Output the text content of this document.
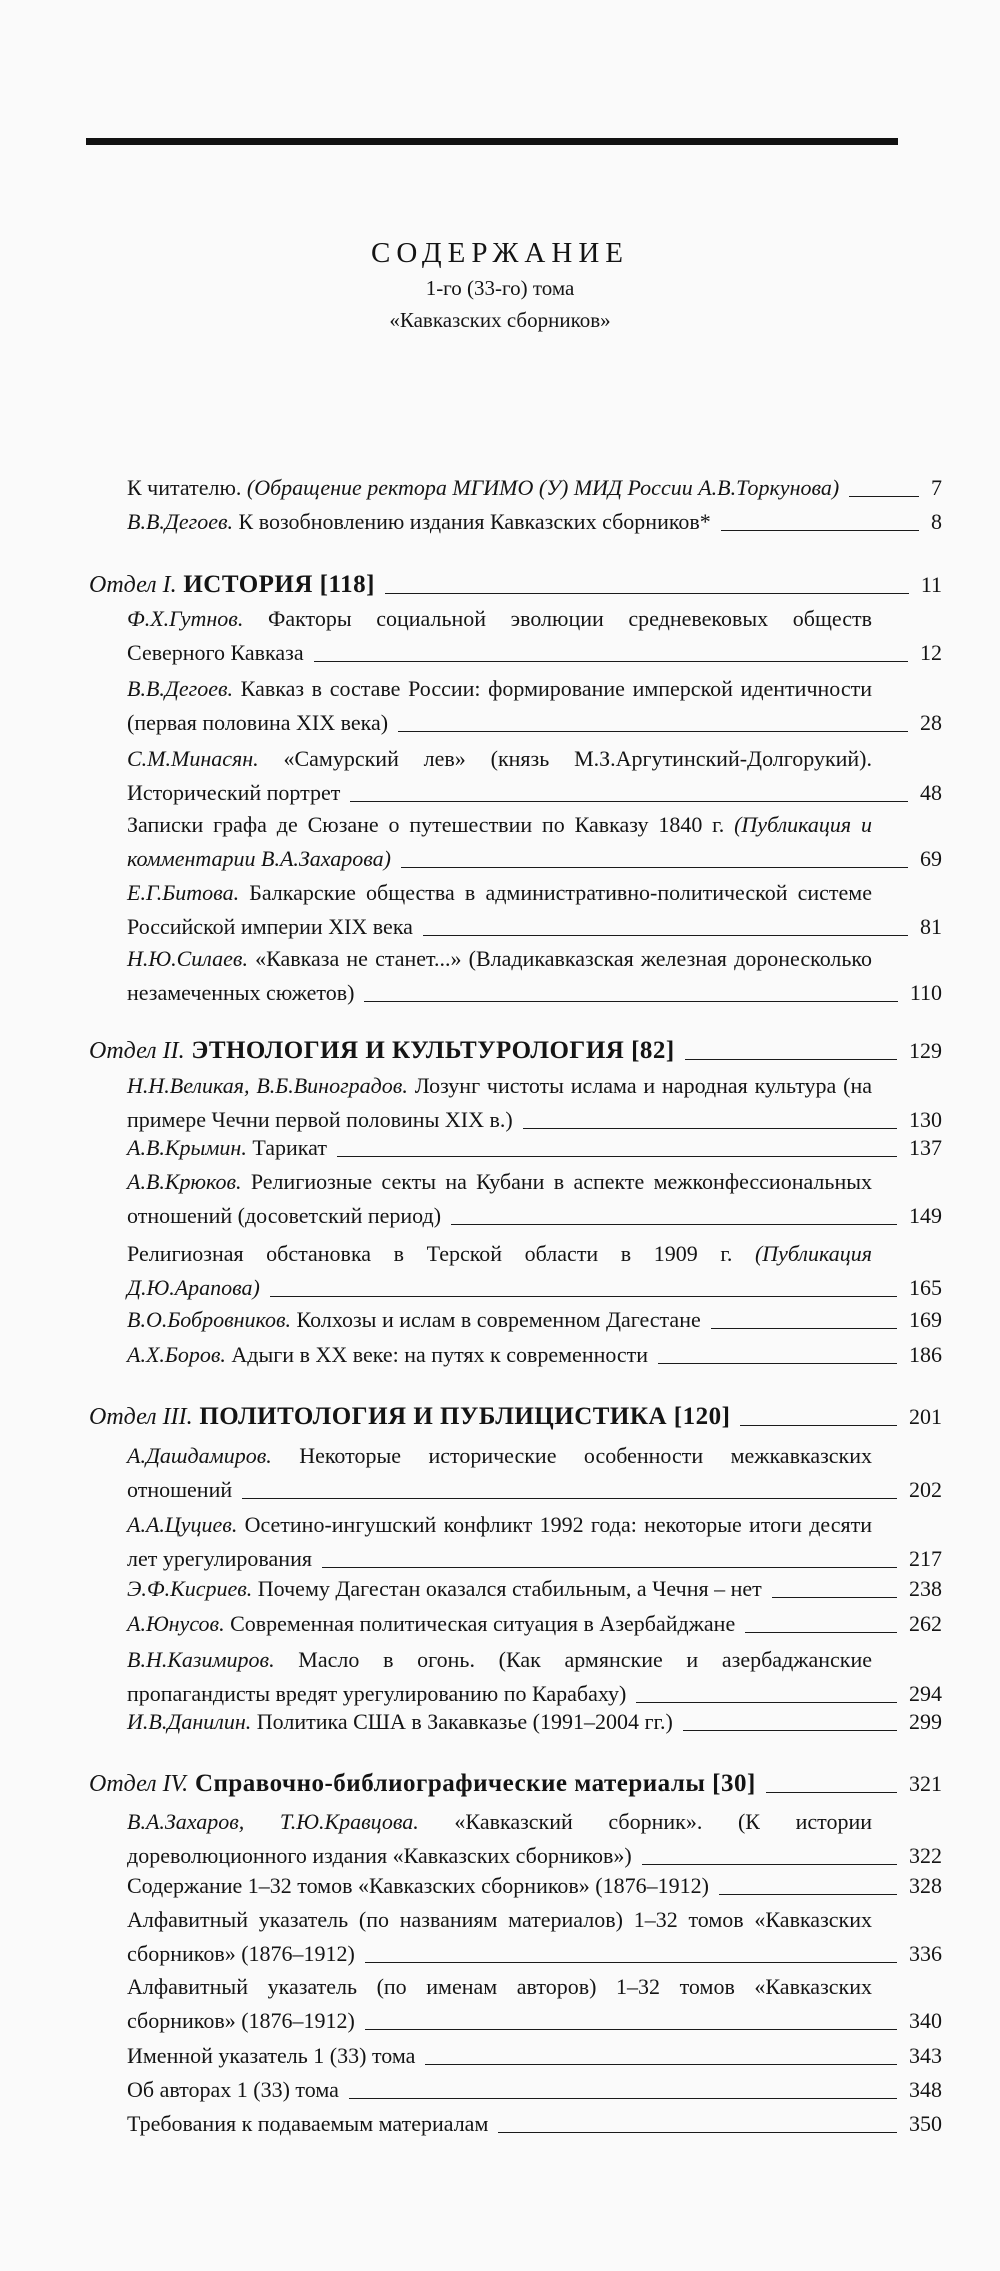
СОДЕРЖАНИЕ
1-го (33-го) тома
«Кавказских сборников»
К читателю. (Обращение ректора МГИМО (У) МИД России А.В.Торкунова)	7
В.В.Дегоев. К возобновлению издания Кавказских сборников*	8
Отдел I. ИСТОРИЯ [118]	11
Ф.Х.Гутнов. Факторы социальной эволюции средневековых обществ Северного Кавказа	12
В.В.Дегоев. Кавказ в составе России: формирование имперской идентичности (первая половина XIX века)	28
С.М.Минасян. «Самурский лев» (князь М.З.Аргутинский-Долгорукий). Исторический портрет	48
Записки графа де Сюзане о путешествии по Кавказу 1840 г. (Публикация и комментарии В.А.Захарова)	69
Е.Г.Битова. Балкарские общества в административно-политической системе Российской империи XIX века	81
Н.Ю.Силаев. «Кавказа не станет...» (Владикавказская железная доронесколько незамеченных сюжетов)	110
Отдел II. ЭТНОЛОГИЯ И КУЛЬТУРОЛОГИЯ [82]	129
Н.Н.Великая, В.Б.Виноградов. Лозунг чистоты ислама и народная культура (на примере Чечни первой половины XIX в.)	130
А.В.Крымин. Тарикат	137
А.В.Крюков. Религиозные секты на Кубани в аспекте межконфессиональных отношений (досоветский период)	149
Религиозная обстановка в Терской области в 1909 г. (Публикация Д.Ю.Арапова)	165
В.О.Бобровников. Колхозы и ислам в современном Дагестане	169
А.Х.Боров. Адыги в XX веке: на путях к современности	186
Отдел III. ПОЛИТОЛОГИЯ И ПУБЛИЦИСТИКА [120]	201
А.Дашдамиров. Некоторые исторические особенности межкавказских отношений	202
А.А.Цуциев. Осетино-ингушский конфликт 1992 года: некоторые итоги десяти лет урегулирования	217
Э.Ф.Кисриев. Почему Дагестан оказался стабильным, а Чечня – нет	238
А.Юнусов. Современная политическая ситуация в Азербайджане	262
В.Н.Казимиров. Масло в огонь. (Как армянские и азербаджанские пропагандисты вредят урегулированию по Карабаху)	294
И.В.Данилин. Политика США в Закавказье (1991–2004 гг.)	299
Отдел IV. Справочно-библиографические материалы [30]	321
В.А.Захаров, Т.Ю.Кравцова. «Кавказский сборник». (К истории дореволюционного издания «Кавказских сборников»)	322
Содержание 1–32 томов «Кавказских сборников» (1876–1912)	328
Алфавитный указатель (по названиям материалов) 1–32 томов «Кавказских сборников» (1876–1912)	336
Алфавитный указатель (по именам авторов) 1–32 томов «Кавказских сборников» (1876–1912)	340
Именной указатель 1 (33) тома	343
Об авторах 1 (33) тома	348
Требования к подаваемым материалам	350
